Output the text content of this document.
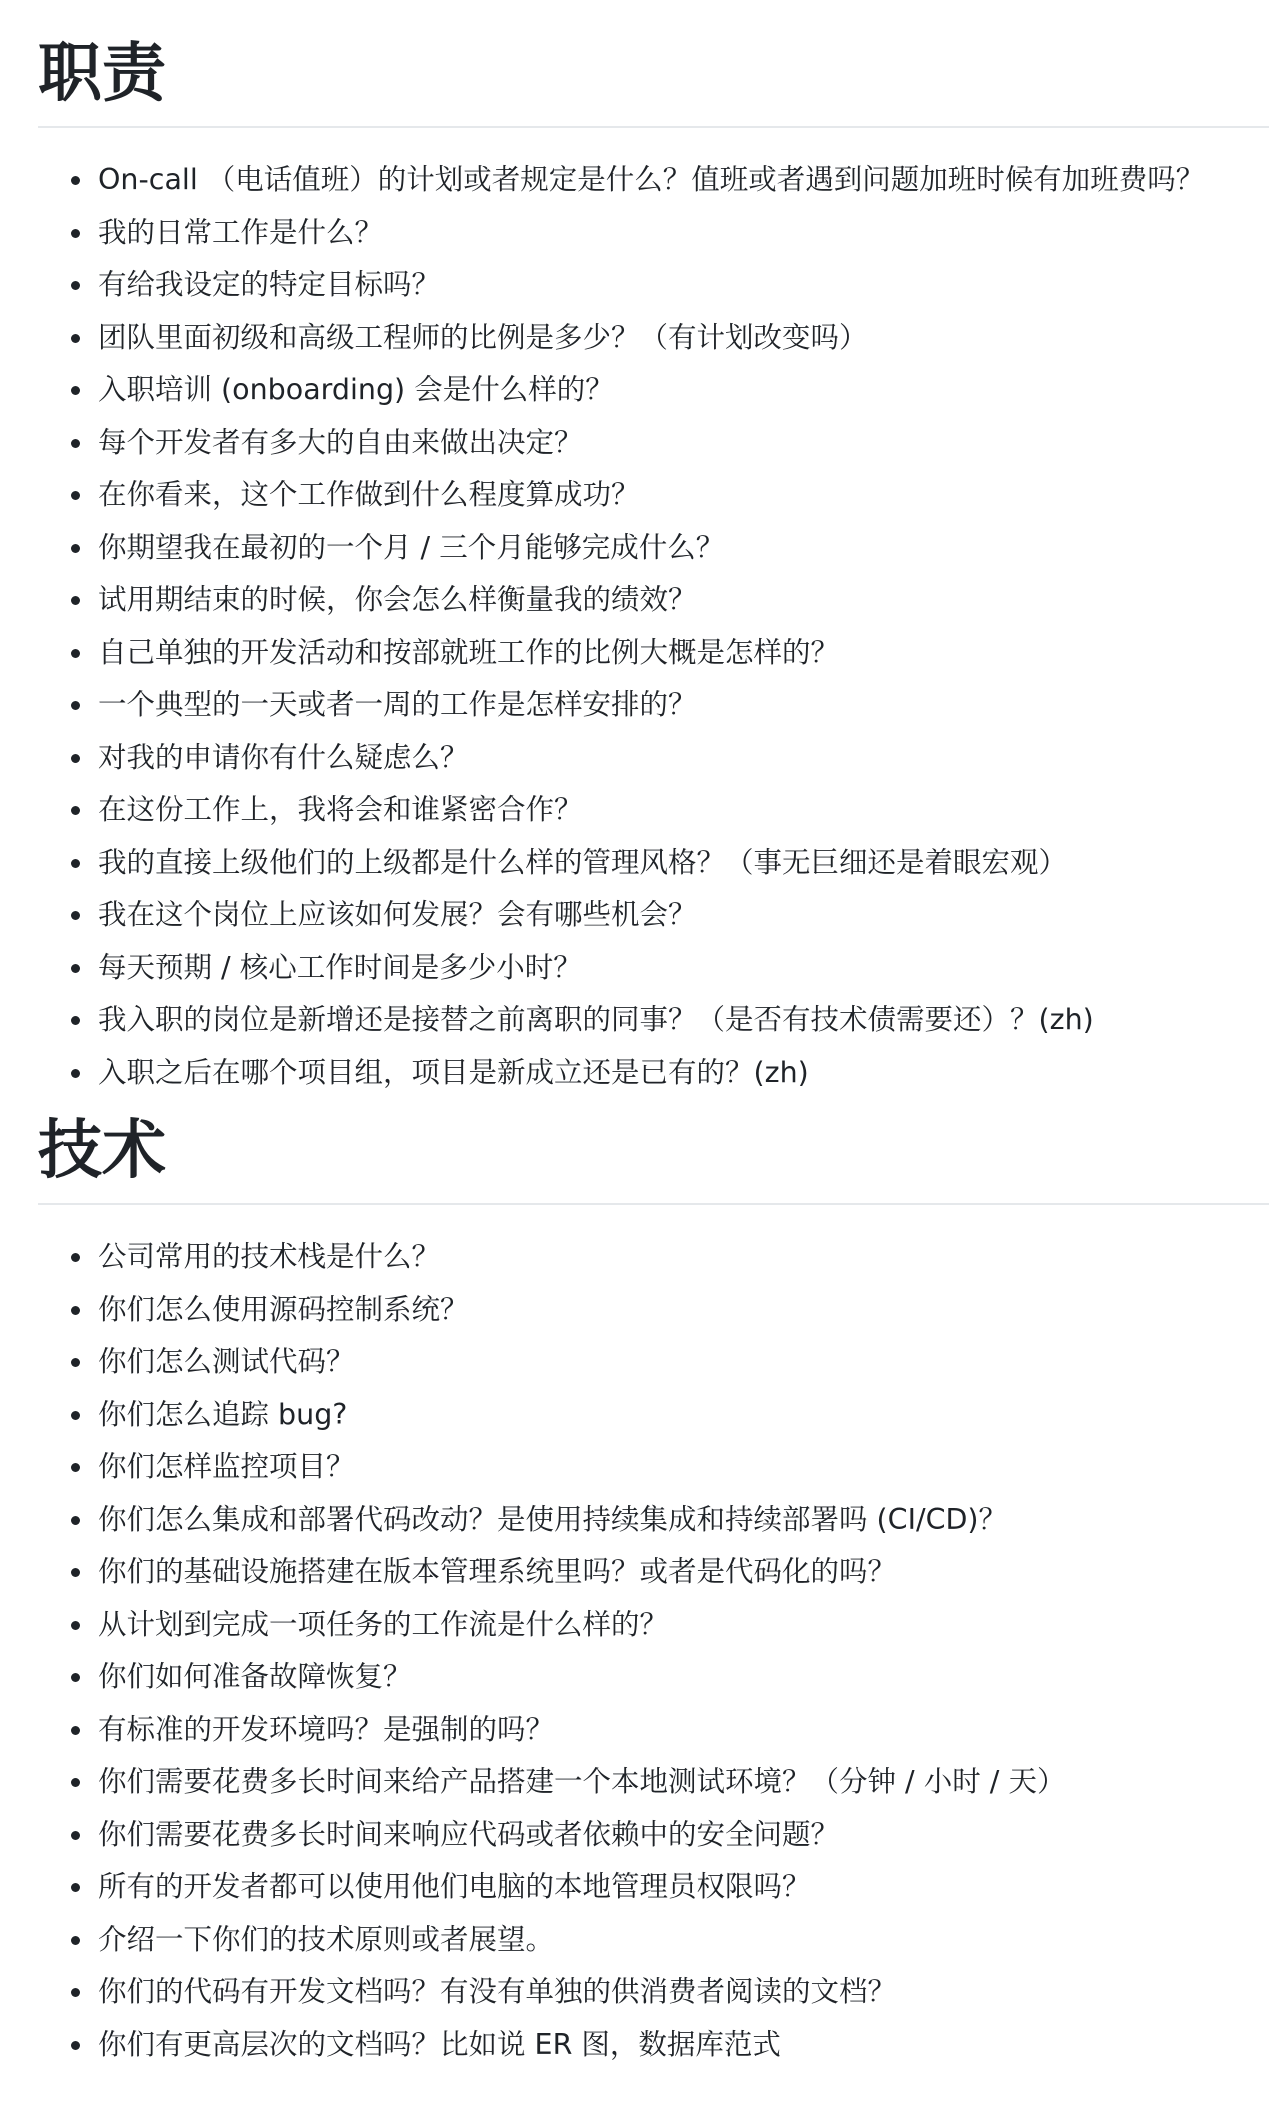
职责
On-call （电话值班）的计划或者规定是什么？值班或者遇到问题加班时候有加班费吗？
我的日常工作是什么？
有给我设定的特定目标吗？
团队里面初级和高级工程师的比例是多少？（有计划改变吗）
入职培训 (onboarding) 会是什么样的？
每个开发者有多大的自由来做出决定？
在你看来，这个工作做到什么程度算成功？
你期望我在最初的一个月 / 三个月能够完成什么？
试用期结束的时候，你会怎么样衡量我的绩效？
自己单独的开发活动和按部就班工作的比例大概是怎样的？
一个典型的一天或者一周的工作是怎样安排的？
对我的申请你有什么疑虑么？
在这份工作上，我将会和谁紧密合作？
我的直接上级他们的上级都是什么样的管理风格？（事无巨细还是着眼宏观）
我在这个岗位上应该如何发展？会有哪些机会？
每天预期 / 核心工作时间是多少小时？
我入职的岗位是新增还是接替之前离职的同事？（是否有技术债需要还）？(zh)
入职之后在哪个项目组，项目是新成立还是已有的？(zh)
技术
公司常用的技术栈是什么？
你们怎么使用源码控制系统？
你们怎么测试代码？
你们怎么追踪 bug?
你们怎样监控项目？
你们怎么集成和部署代码改动？是使用持续集成和持续部署吗 (CI/CD)？
你们的基础设施搭建在版本管理系统里吗？或者是代码化的吗？
从计划到完成一项任务的工作流是什么样的？
你们如何准备故障恢复？
有标准的开发环境吗？是强制的吗？
你们需要花费多长时间来给产品搭建一个本地测试环境？（分钟 / 小时 / 天）
你们需要花费多长时间来响应代码或者依赖中的安全问题？
所有的开发者都可以使用他们电脑的本地管理员权限吗？
介绍一下你们的技术原则或者展望。
你们的代码有开发文档吗？有没有单独的供消费者阅读的文档？
你们有更高层次的文档吗？比如说 ER 图，数据库范式
